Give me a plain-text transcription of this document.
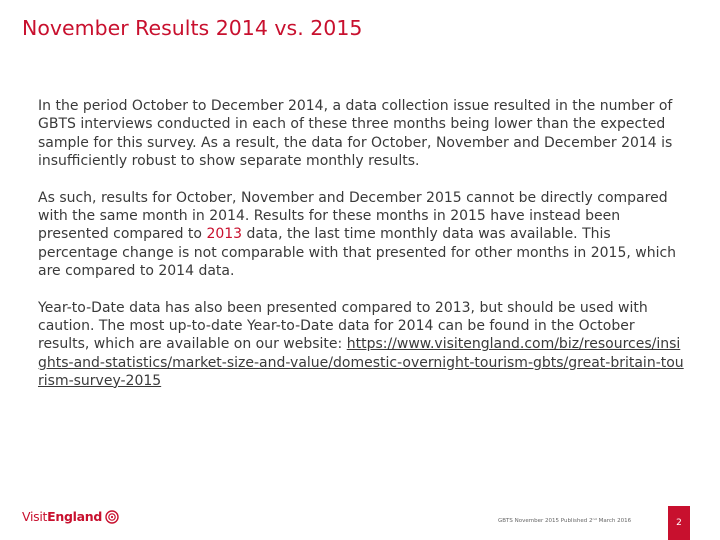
November Results 2014 vs. 2015

In the period October to December 2014, a data collection issue resulted in the number of GBTS interviews conducted in each of these three months being lower than the expected sample for this survey. As a result, the data for October, November and December 2014 is insufficiently robust to show separate monthly results.

As such, results for October, November and December 2015 cannot be directly compared with the same month in 2014. Results for these months in 2015 have instead been presented compared to 2013 data, the last time monthly data was available. This percentage change is not comparable with that presented for other months in 2015, which are compared to 2014 data.

Year-to-Date data has also been presented compared to 2013, but should be used with caution. The most up-to-date Year-to-Date data for 2014 can be found in the October results, which are available on our website: https://www.visitengland.com/biz/resources/insights-and-statistics/market-size-and-value/domestic-overnight-tourism-gbts/great-britain-tourism-survey-2015

VisitEngland	GBTS November 2015 Published 2ⁿᵈ March 2016	2
